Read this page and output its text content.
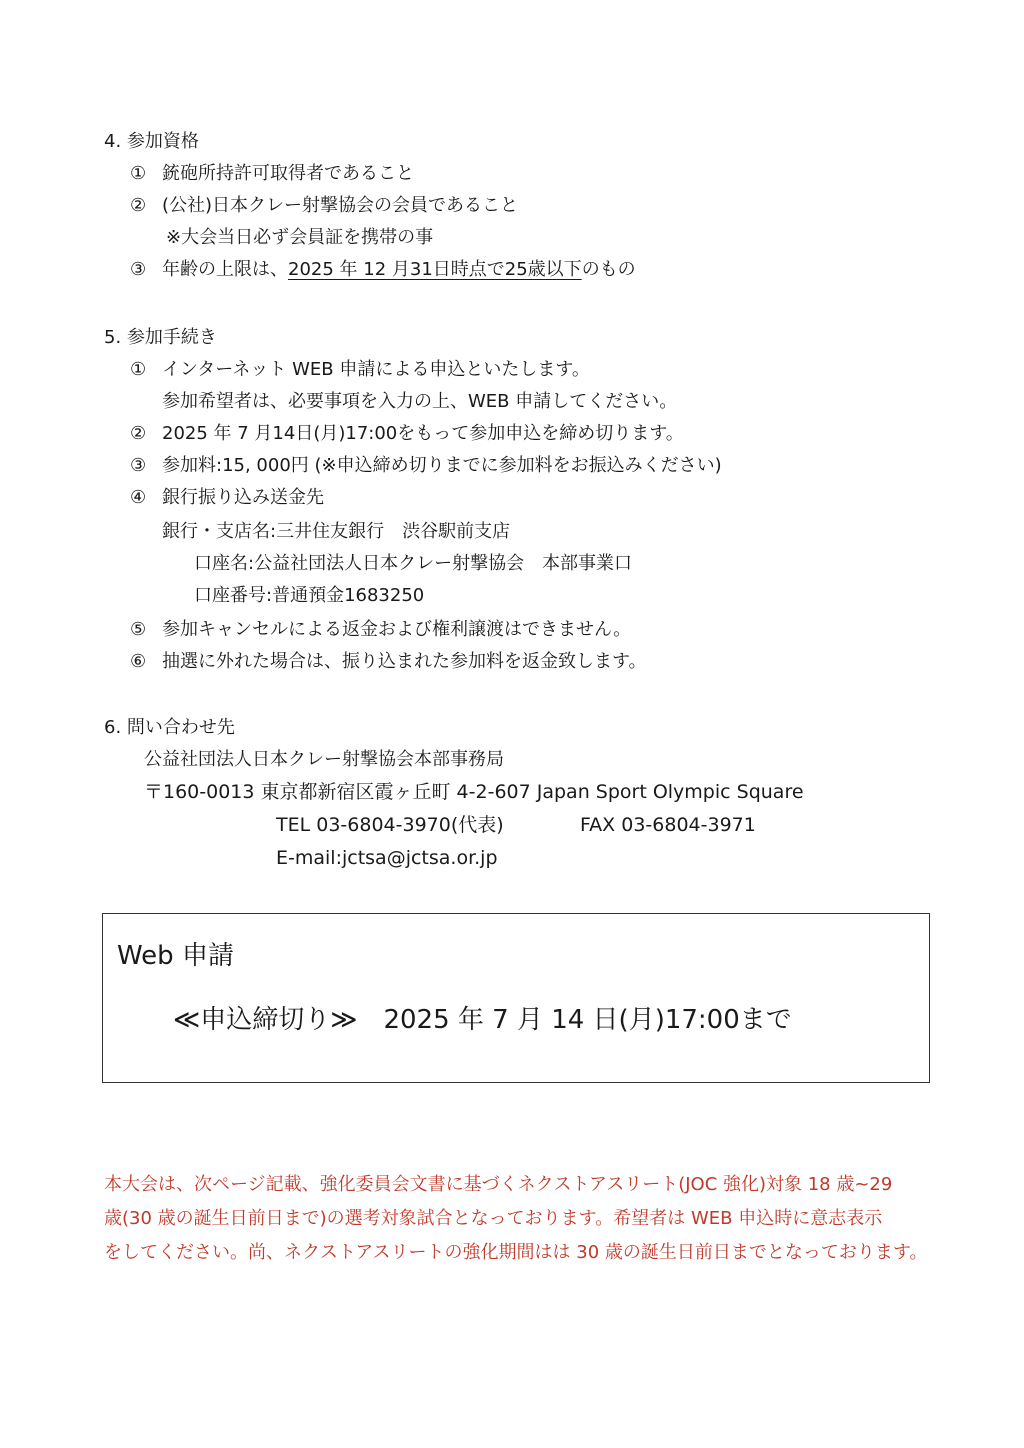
4. 参加資格
① 銃砲所持許可取得者であること
② (公社)日本クレー射撃協会の会員であること
※大会当日必ず会員証を携帯の事
③ 年齢の上限は、2025 年 12 月31日時点で25歳以下のもの
5. 参加手続き
① インターネット WEB 申請による申込といたします。
参加希望者は、必要事項を入力の上、WEB 申請してください。
② 2025 年 7 月14日(月)17:00をもって参加申込を締め切ります。
③ 参加料:15, 000円 (※申込締め切りまでに参加料をお振込みください)
④ 銀行振り込み送金先
銀行・支店名:三井住友銀行　渋谷駅前支店
口座名:公益社団法人日本クレー射撃協会　本部事業口
口座番号:普通預金1683250
⑤ 参加キャンセルによる返金および権利譲渡はできません。
⑥ 抽選に外れた場合は、振り込まれた参加料を返金致します。
6. 問い合わせ先
公益社団法人日本クレー射撃協会本部事務局
〒160-0013 東京都新宿区霞ヶ丘町 4-2-607 Japan Sport Olympic Square
TEL 03-6804-3970(代表)	FAX 03-6804-3971
E-mail:jctsa@jctsa.or.jp
Web 申請
≪申込締切り≫　2025 年 7 月 14 日(月)17:00まで
本大会は、次ページ記載、強化委員会文書に基づくネクストアスリート(JOC 強化)対象 18 歳~29
歳(30 歳の誕生日前日まで)の選考対象試合となっております。希望者は WEB 申込時に意志表示
をしてください。尚、ネクストアスリートの強化期間はは 30 歳の誕生日前日までとなっております。
